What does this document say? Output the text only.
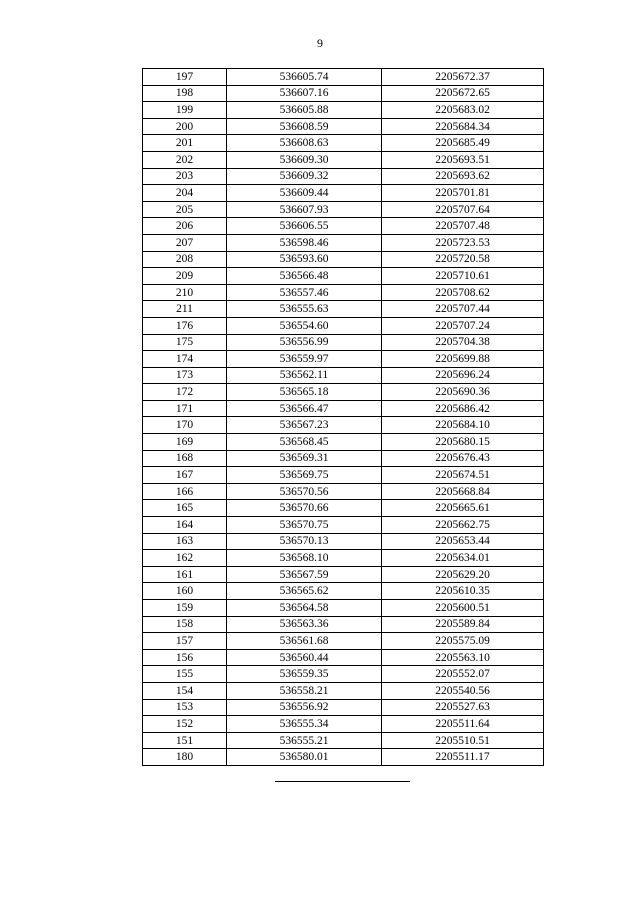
9
197	536605.74	2205672.37
198	536607.16	2205672.65
199	536605.88	2205683.02
200	536608.59	2205684.34
201	536608.63	2205685.49
202	536609.30	2205693.51
203	536609.32	2205693.62
204	536609.44	2205701.81
205	536607.93	2205707.64
206	536606.55	2205707.48
207	536598.46	2205723.53
208	536593.60	2205720.58
209	536566.48	2205710.61
210	536557.46	2205708.62
211	536555.63	2205707.44
176	536554.60	2205707.24
175	536556.99	2205704.38
174	536559.97	2205699.88
173	536562.11	2205696.24
172	536565.18	2205690.36
171	536566.47	2205686.42
170	536567.23	2205684.10
169	536568.45	2205680.15
168	536569.31	2205676.43
167	536569.75	2205674.51
166	536570.56	2205668.84
165	536570.66	2205665.61
164	536570.75	2205662.75
163	536570.13	2205653.44
162	536568.10	2205634.01
161	536567.59	2205629.20
160	536565.62	2205610.35
159	536564.58	2205600.51
158	536563.36	2205589.84
157	536561.68	2205575.09
156	536560.44	2205563.10
155	536559.35	2205552.07
154	536558.21	2205540.56
153	536556.92	2205527.63
152	536555.34	2205511.64
151	536555.21	2205510.51
180	536580.01	2205511.17
